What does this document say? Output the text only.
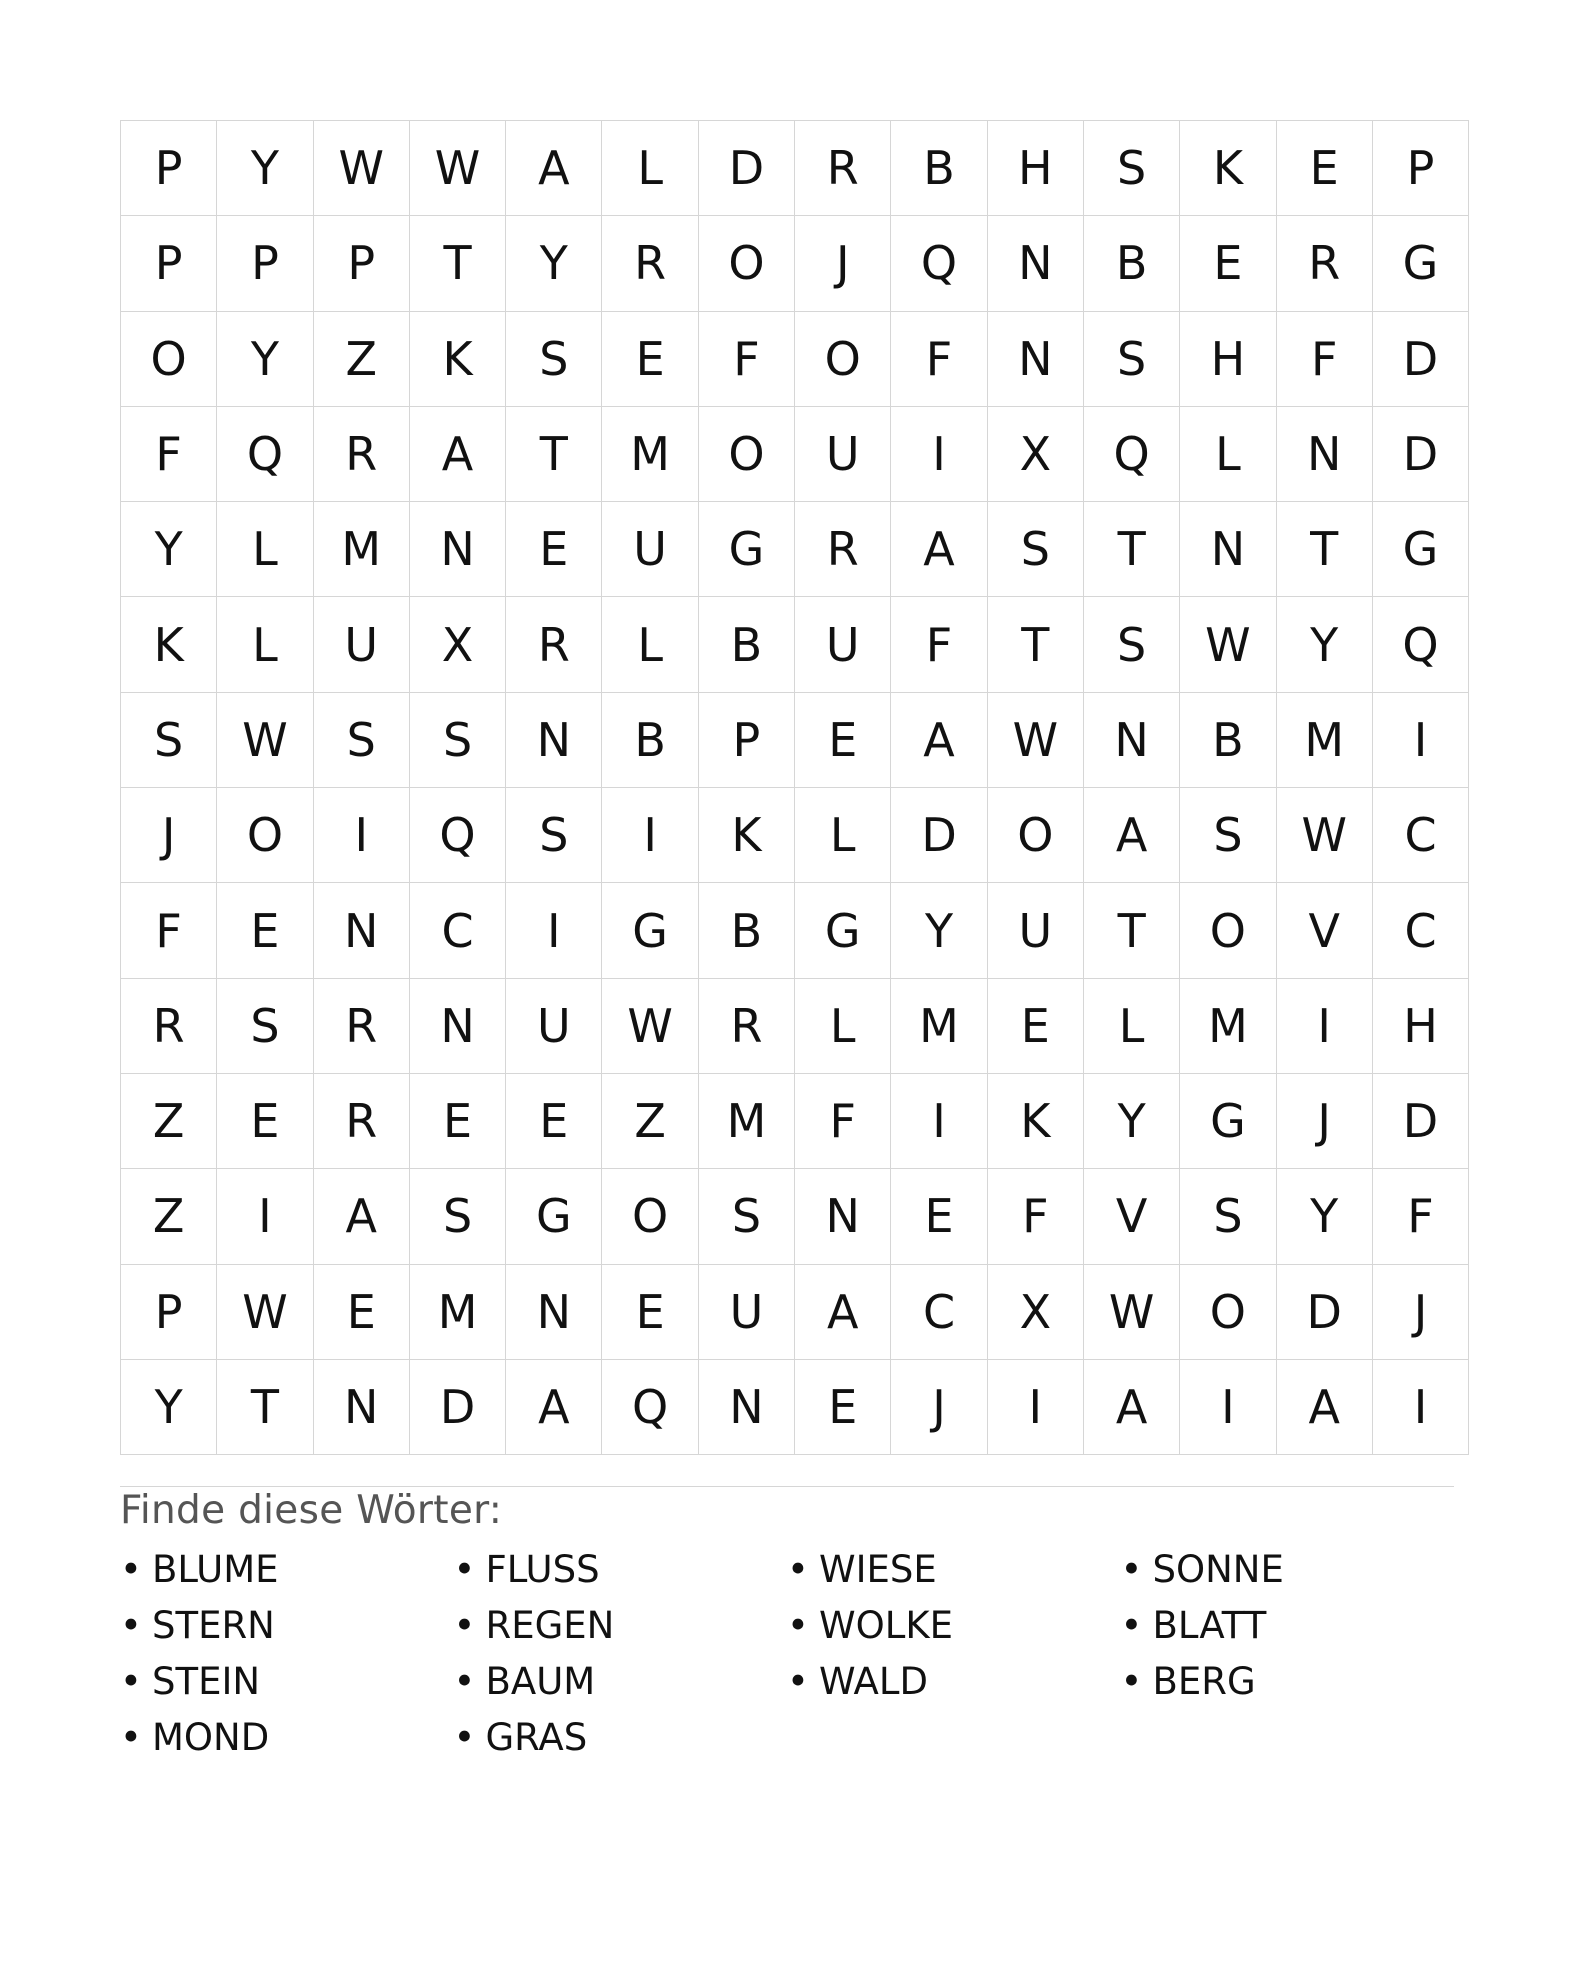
P	Y	W	W	A	L	D	R	B	H	S	K	E	P
P	P	P	T	Y	R	O	J	Q	N	B	E	R	G
O	Y	Z	K	S	E	F	O	F	N	S	H	F	D
F	Q	R	A	T	M	O	U	I	X	Q	L	N	D
Y	L	M	N	E	U	G	R	A	S	T	N	T	G
K	L	U	X	R	L	B	U	F	T	S	W	Y	Q
S	W	S	S	N	B	P	E	A	W	N	B	M	I
J	O	I	Q	S	I	K	L	D	O	A	S	W	C
F	E	N	C	I	G	B	G	Y	U	T	O	V	C
R	S	R	N	U	W	R	L	M	E	L	M	I	H
Z	E	R	E	E	Z	M	F	I	K	Y	G	J	D
Z	I	A	S	G	O	S	N	E	F	V	S	Y	F
P	W	E	M	N	E	U	A	C	X	W	O	D	J
Y	T	N	D	A	Q	N	E	J	I	A	I	A	I
Finde diese Wörter:
• BLUME	• FLUSS	• WIESE	• SONNE
• STERN	• REGEN	• WOLKE	• BLATT
• STEIN	• BAUM	• WALD	• BERG
• MOND	• GRAS
